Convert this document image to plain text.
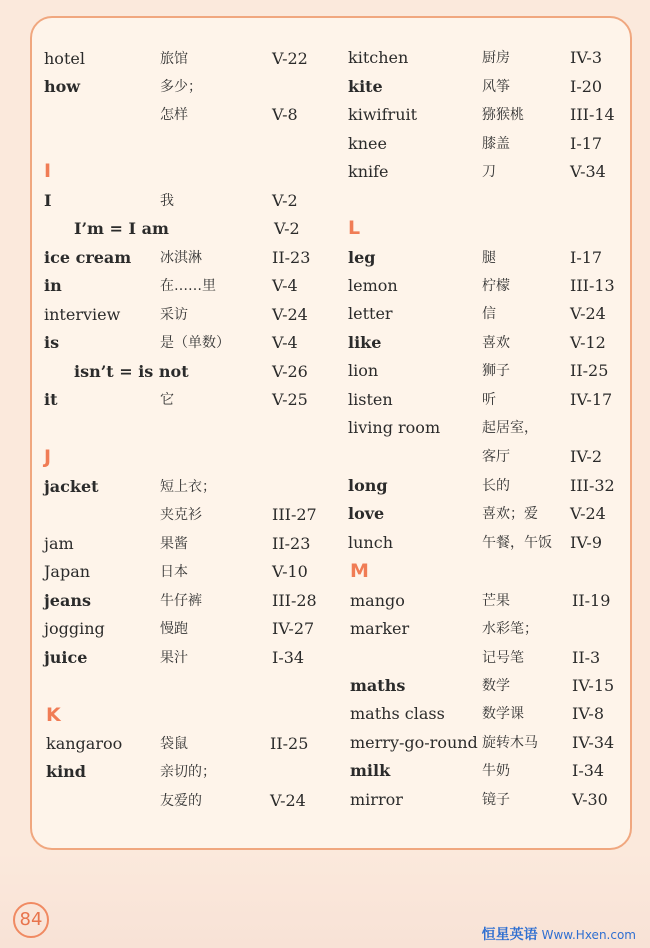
hotel	旅馆	V-22
how	多少；
怎样	V-8
I
I	我	V-2
I’m = I am	V-2
ice cream 冰淇淋	II-23
in	在……里	V-4
interview	采访	V-24
is	是（单数）	V-4
isn’t = is not	V-26
it	它	V-25
J
jacket	短上衣；
夹克衫	III-27
jam	果酱	II-23
Japan	日本	V-10
jeans	牛仔裤	III-28
jogging	慢跑	IV-27
juice	果汁	I-34
K
kangaroo	袋鼠	II-25
kind	亲切的；
友爱的	V-24
kitchen	厨房	IV-3
kite	风筝	I-20
kiwifruit	猕猴桃	III-14
knee	膝盖	I-17
knife	刀	V-34
L
leg	腿	I-17
lemon	柠檬	III-13
letter	信	V-24
like	喜欢	V-12
lion	狮子	II-25
listen	听	IV-17
living room	起居室，
客厅	IV-2
long	长的	III-32
love	喜欢；爱 V-24
lunch	午餐，午饭 IV-9
M
mango	芒果	II-19
marker	水彩笔；
记号笔	II-3
maths	数学	IV-15
maths class	数学课	IV-8
merry-go-round 旋转木马 IV-34
milk	牛奶	I-34
mirror	镜子	V-30
84
恒星英语 Www.Hxen.com
